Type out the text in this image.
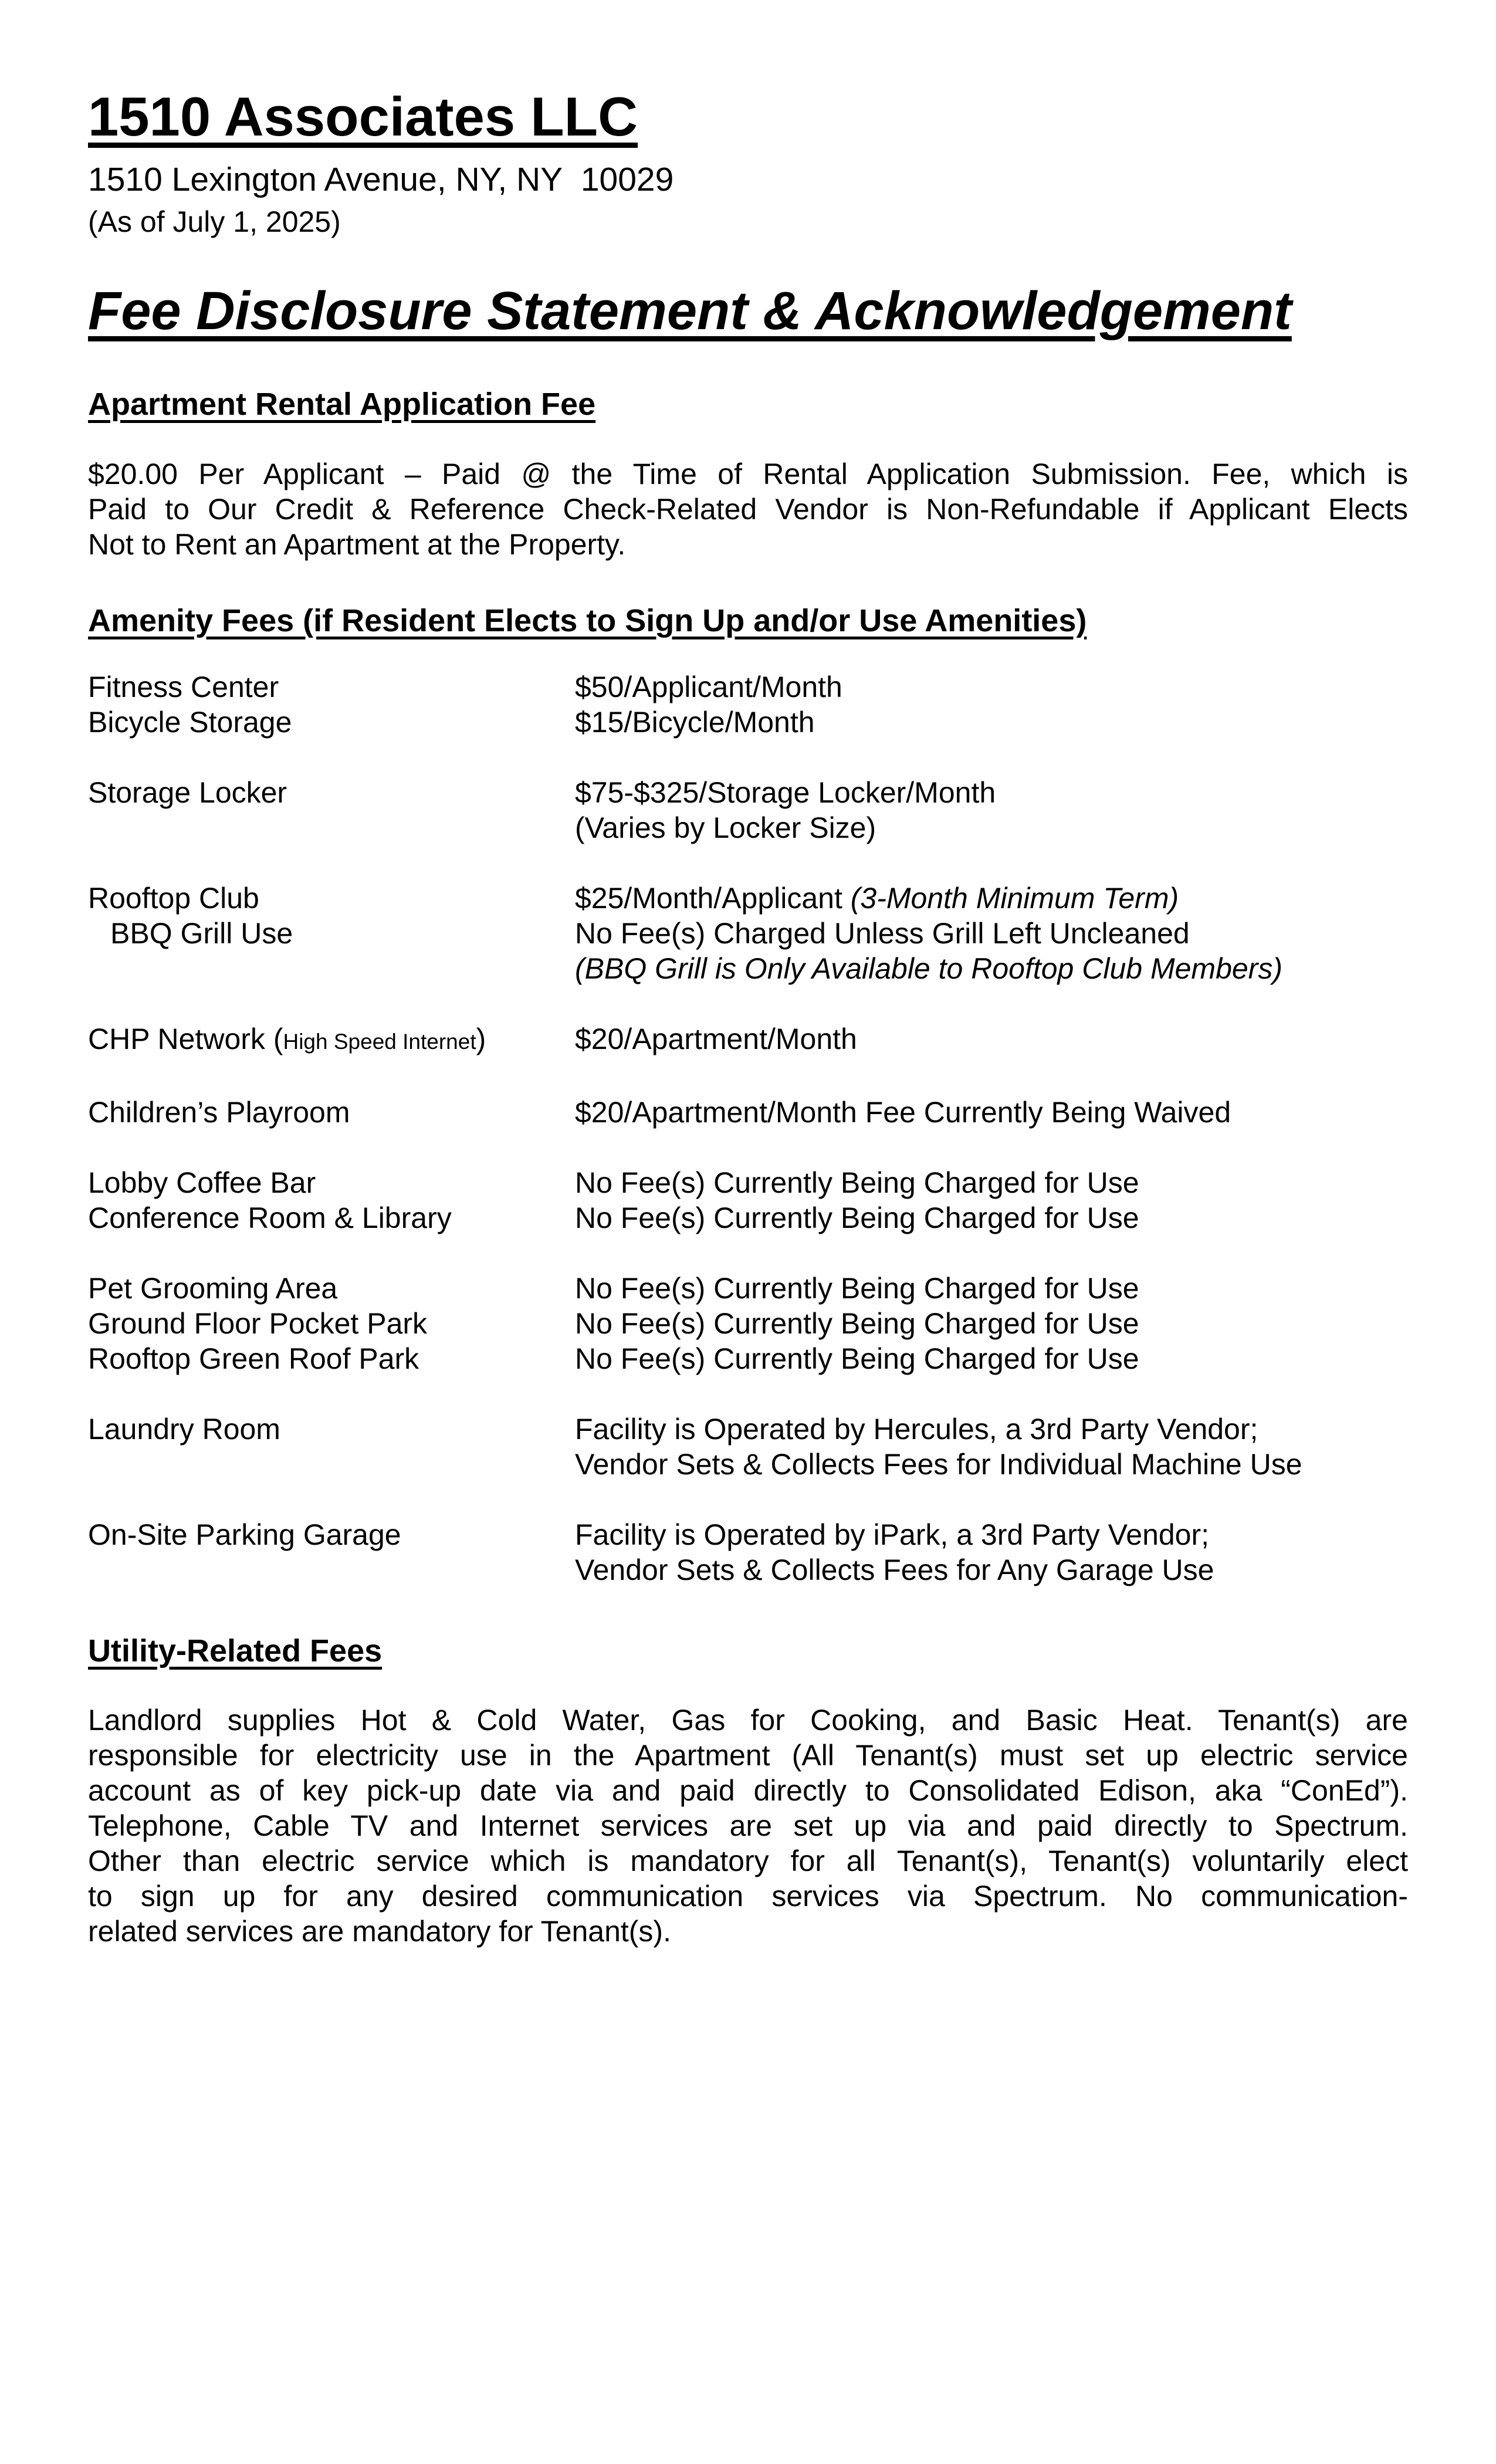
1510 Associates LLC
1510 Lexington Avenue, NY, NY  10029
(As of July 1, 2025)
Fee Disclosure Statement & Acknowledgement
Apartment Rental Application Fee
$20.00 Per Applicant – Paid @ the Time of Rental Application Submission. Fee, which is
Paid to Our Credit & Reference Check-Related Vendor is Non-Refundable if Applicant Elects
Not to Rent an Apartment at the Property.
Amenity Fees (if Resident Elects to Sign Up and/or Use Amenities)
Fitness Center	$50/Applicant/Month
Bicycle Storage	$15/Bicycle/Month
Storage Locker	$75-$325/Storage Locker/Month
(Varies by Locker Size)
Rooftop Club	$25/Month/Applicant (3-Month Minimum Term)
BBQ Grill Use	No Fee(s) Charged Unless Grill Left Uncleaned
(BBQ Grill is Only Available to Rooftop Club Members)
CHP Network (High Speed Internet)	$20/Apartment/Month
Children’s Playroom	$20/Apartment/Month Fee Currently Being Waived
Lobby Coffee Bar	No Fee(s) Currently Being Charged for Use
Conference Room & Library	No Fee(s) Currently Being Charged for Use
Pet Grooming Area	No Fee(s) Currently Being Charged for Use
Ground Floor Pocket Park	No Fee(s) Currently Being Charged for Use
Rooftop Green Roof Park	No Fee(s) Currently Being Charged for Use
Laundry Room	Facility is Operated by Hercules, a 3rd Party Vendor;
Vendor Sets & Collects Fees for Individual Machine Use
On-Site Parking Garage	Facility is Operated by iPark, a 3rd Party Vendor;
Vendor Sets & Collects Fees for Any Garage Use
Utility-Related Fees
Landlord supplies Hot & Cold Water, Gas for Cooking, and Basic Heat. Tenant(s) are
responsible for electricity use in the Apartment (All Tenant(s) must set up electric service
account as of key pick-up date via and paid directly to Consolidated Edison, aka “ConEd”).
Telephone, Cable TV and Internet services are set up via and paid directly to Spectrum.
Other than electric service which is mandatory for all Tenant(s), Tenant(s) voluntarily elect
to sign up for any desired communication services via Spectrum. No communication-
related services are mandatory for Tenant(s).
